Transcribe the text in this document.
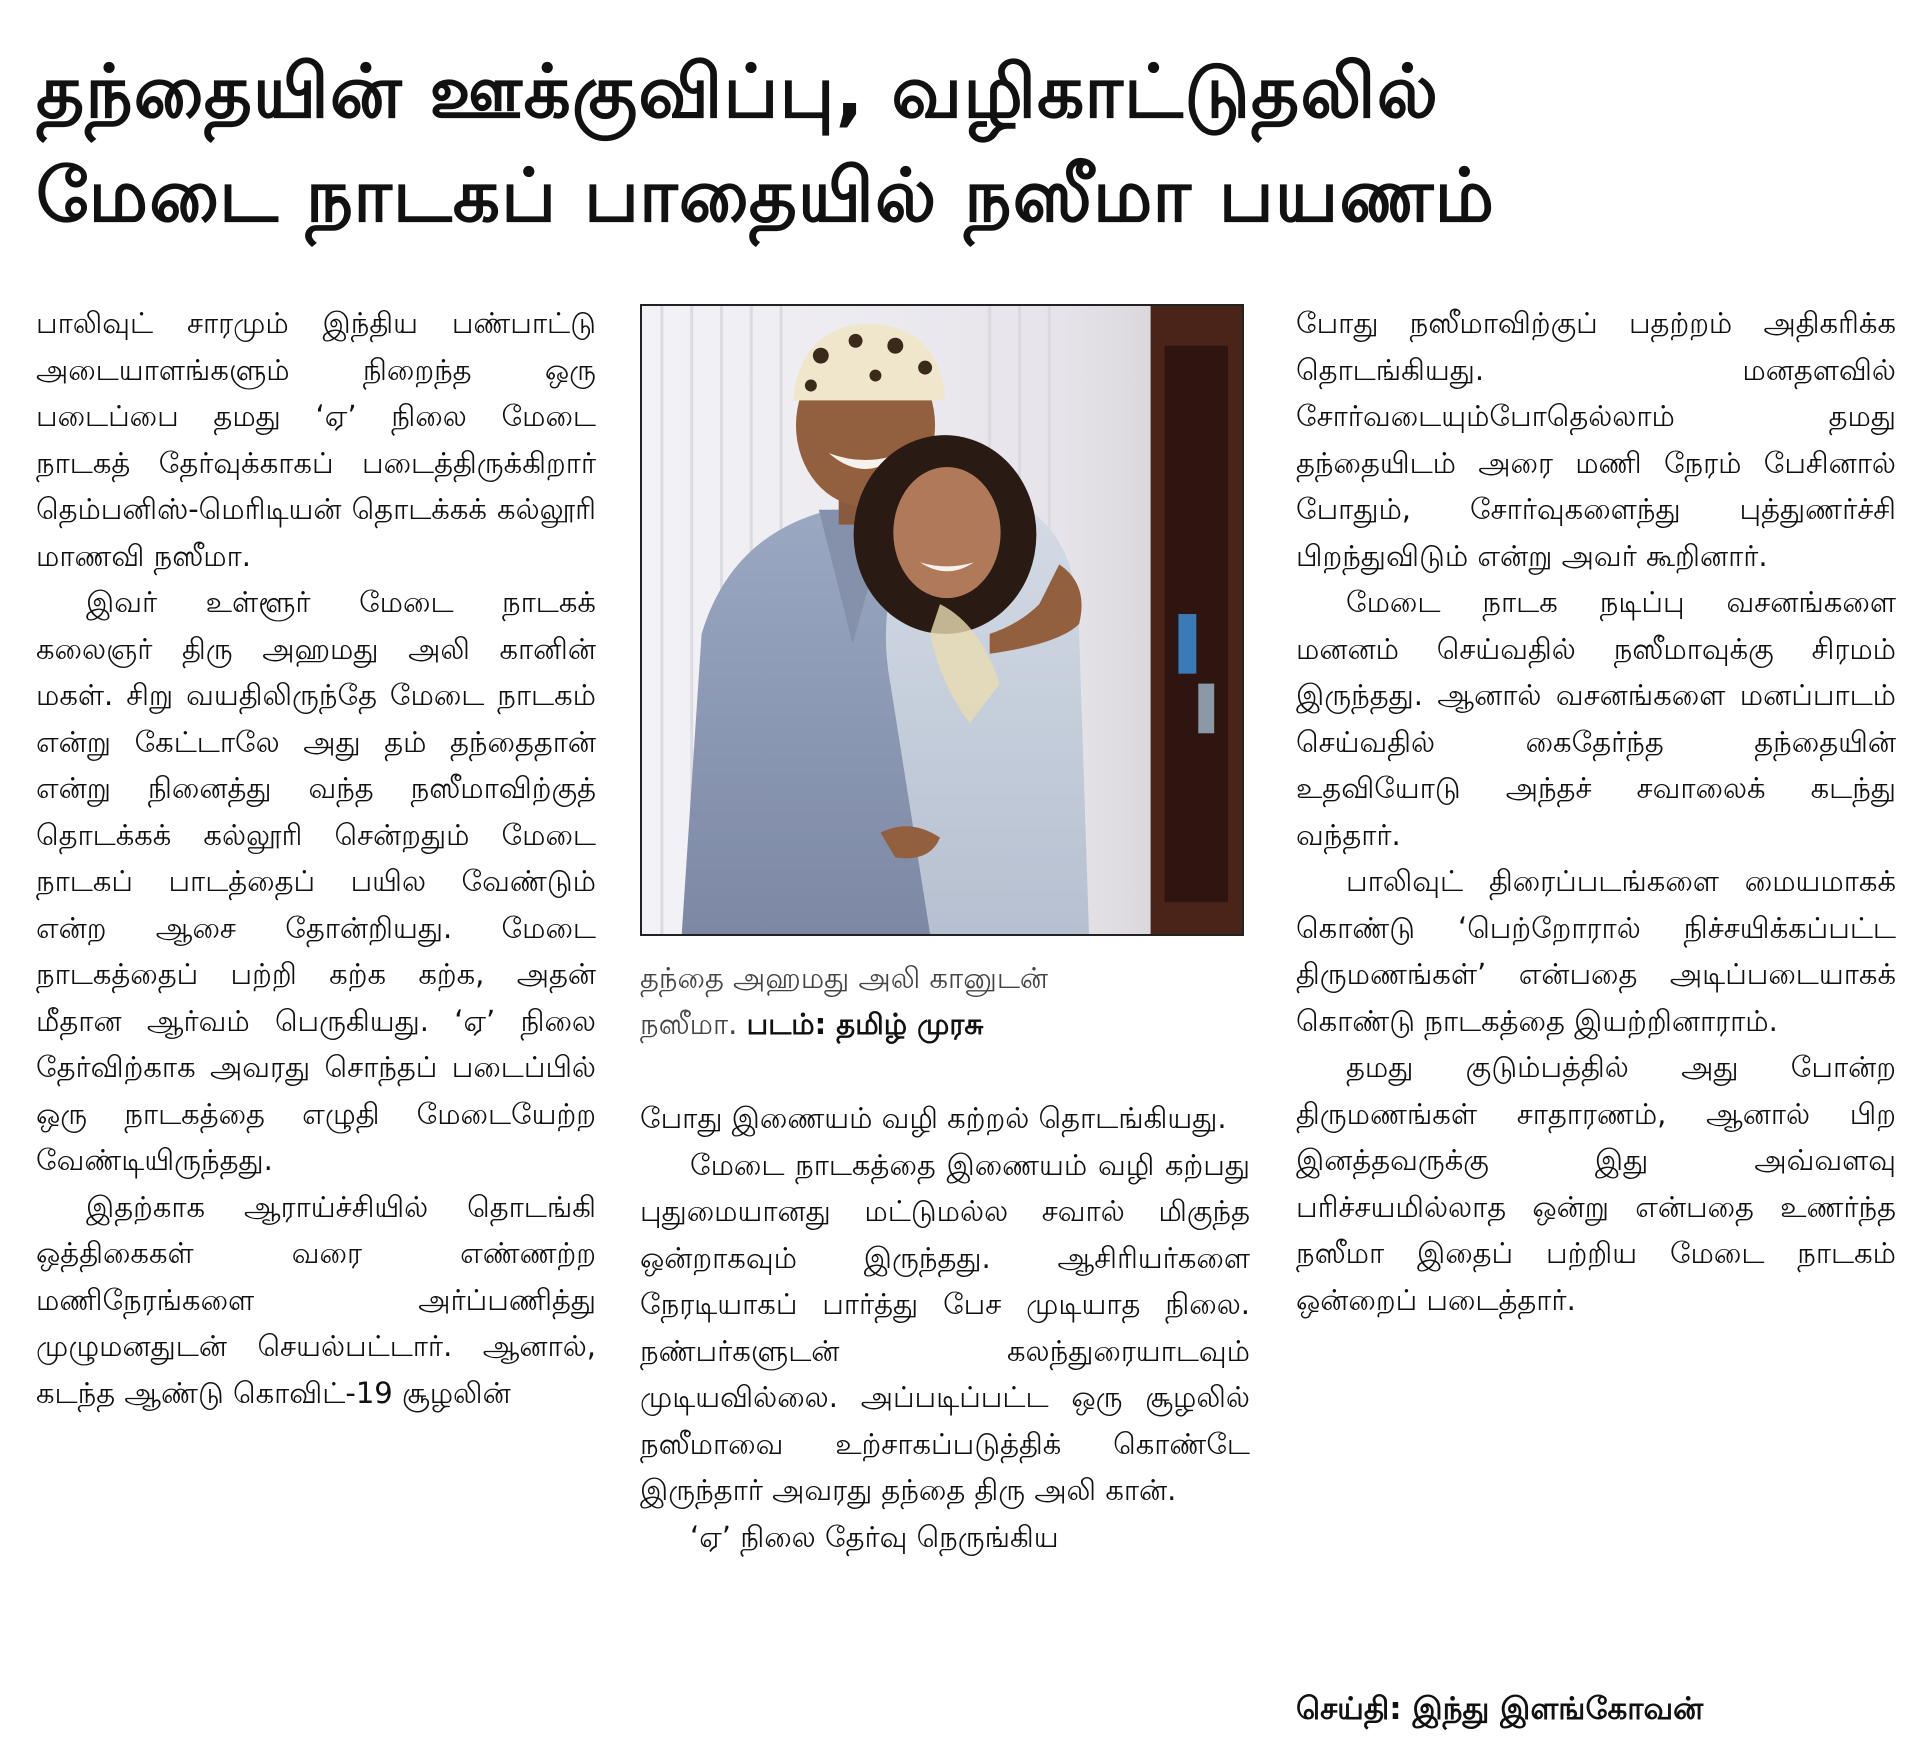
தந்தையின் ஊக்குவிப்பு, வழிகாட்டுதலில்
மேடை நாடகப் பாதையில் நஸீமா பயணம்

பாலிவுட் சாரமும் இந்திய பண்பாட்டு அடையாளங்களும் நிறைந்த ஒரு படைப்பை தமது ‘ஏ’ நிலை மேடை நாடகத் தேர்வுக்காகப் படைத்திருக்கிறார் தெம்பனிஸ்-மெரிடியன் தொடக்கக் கல்லூரி மாணவி நஸீமா.

இவர் உள்ளூர் மேடை நாடகக் கலைஞர் திரு அஹமது அலி கானின் மகள். சிறு வயதிலிருந்தே மேடை நாடகம் என்று கேட்டாலே அது தம் தந்தைதான் என்று நினைத்து வந்த நஸீமாவிற்குத் தொடக்கக் கல்லூரி சென்றதும் மேடை நாடகப் பாடத்தைப் பயில வேண்டும் என்ற ஆசை தோன்றியது. மேடை நாடகத்தைப் பற்றி கற்க கற்க, அதன் மீதான ஆர்வம் பெருகியது. ‘ஏ’ நிலை தேர்விற்காக அவரது சொந்தப் படைப்பில் ஒரு நாடகத்தை எழுதி மேடையேற்ற வேண்டியிருந்தது.

இதற்காக ஆராய்ச்சியில் தொடங்கி ஒத்திகைகள் வரை எண்ணற்ற மணிநேரங்களை அர்ப்பணித்து முழுமனதுடன் செயல்பட்டார். ஆனால், கடந்த ஆண்டு கொவிட்-19 சூழலின்

தந்தை அஹமது அலி கானுடன்
நஸீமா. படம்: தமிழ் முரசு

போது இணையம் வழி கற்றல் தொடங்கியது.

மேடை நாடகத்தை இணையம் வழி கற்பது புதுமையானது மட்டுமல்ல சவால் மிகுந்த ஒன்றாகவும் இருந்தது. ஆசிரியர்களை நேரடியாகப் பார்த்து பேச முடியாத நிலை. நண்பர்களுடன் கலந்துரையாடவும் முடியவில்லை. அப்படிப்பட்ட ஒரு சூழலில் நஸீமாவை உற்சாகப்படுத்திக் கொண்டே இருந்தார் அவரது தந்தை திரு அலி கான்.

‘ஏ’ நிலை தேர்வு நெருங்கிய

போது நஸீமாவிற்குப் பதற்றம் அதிகரிக்க தொடங்கியது. மனதளவில் சோர்வடையும்போதெல்லாம் தமது தந்தையிடம் அரை மணி நேரம் பேசினால் போதும், சோர்வுகளைந்து புத்துணர்ச்சி பிறந்துவிடும் என்று அவர் கூறினார்.

மேடை நாடக நடிப்பு வசனங்களை மனனம் செய்வதில் நஸீமாவுக்கு சிரமம் இருந்தது. ஆனால் வசனங்களை மனப்பாடம் செய்வதில் கைதேர்ந்த தந்தையின் உதவியோடு அந்தச் சவாலைக் கடந்து வந்தார்.

பாலிவுட் திரைப்படங்களை மையமாகக் கொண்டு ‘பெற்றோரால் நிச்சயிக்கப்பட்ட திருமணங்கள்’ என்பதை அடிப்படையாகக் கொண்டு நாடகத்தை இயற்றினாராம்.

தமது குடும்பத்தில் அது போன்ற திருமணங்கள் சாதாரணம், ஆனால் பிற இனத்தவருக்கு இது அவ்வளவு பரிச்சயமில்லாத ஒன்று என்பதை உணர்ந்த நஸீமா இதைப் பற்றிய மேடை நாடகம் ஒன்றைப் படைத்தார்.

செய்தி: இந்து இளங்கோவன்
